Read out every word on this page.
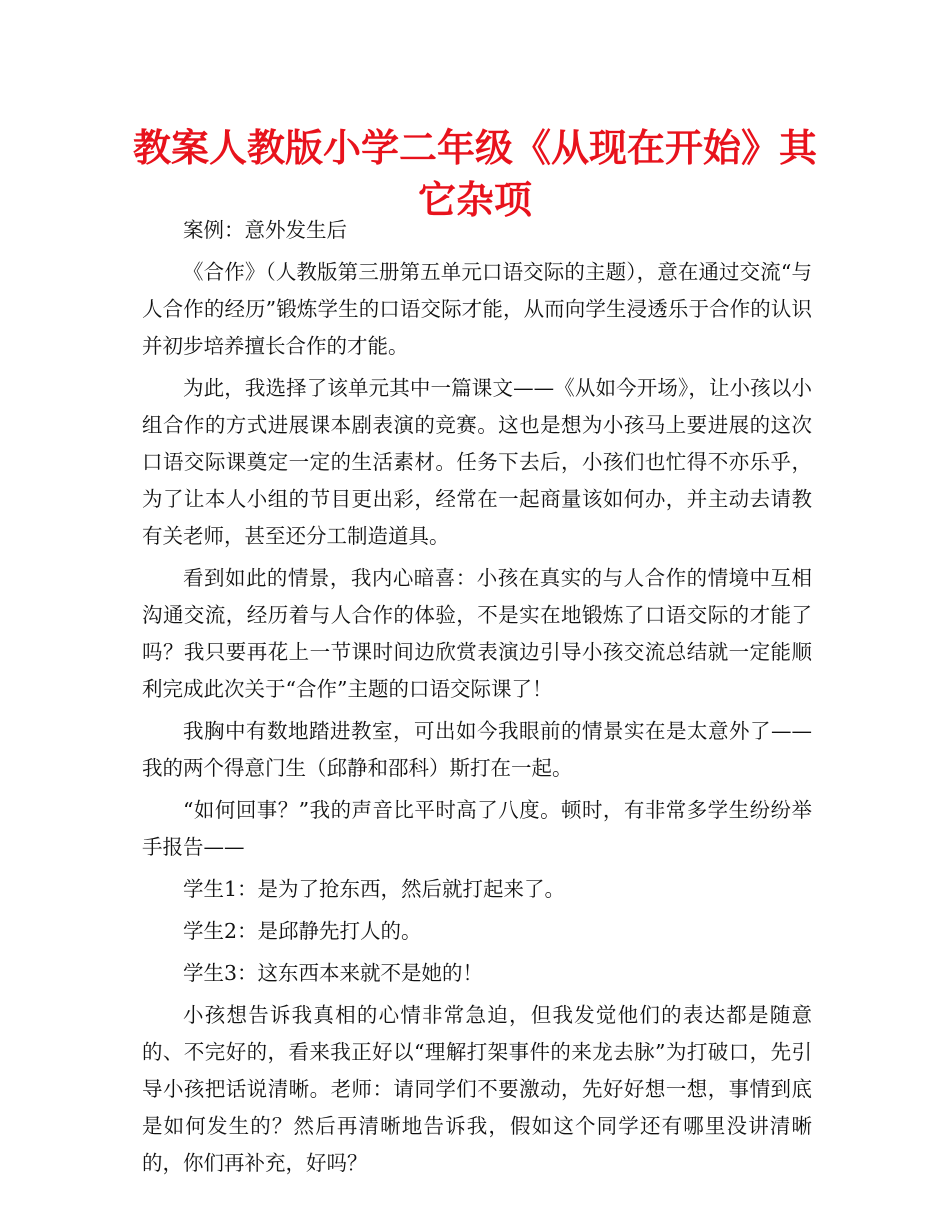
教案人教版小学二年级《从现在开始》其它杂项

案例：意外发生后

《合作》（人教版第三册第五单元口语交际的主题），意在通过交流“与人合作的经历”锻炼学生的口语交际才能，从而向学生浸透乐于合作的认识并初步培养擅长合作的才能。

为此，我选择了该单元其中一篇课文——《从如今开场》，让小孩以小组合作的方式进展课本剧表演的竞赛。这也是想为小孩马上要进展的这次口语交际课奠定一定的生活素材。任务下去后，小孩们也忙得不亦乐乎，为了让本人小组的节目更出彩，经常在一起商量该如何办，并主动去请教有关老师，甚至还分工制造道具。

看到如此的情景，我内心暗喜：小孩在真实的与人合作的情境中互相沟通交流，经历着与人合作的体验，不是实在地锻炼了口语交际的才能了吗？我只要再花上一节课时间边欣赏表演边引导小孩交流总结就一定能顺利完成此次关于“合作”主题的口语交际课了！

我胸中有数地踏进教室，可出如今我眼前的情景实在是太意外了——我的两个得意门生（邱静和邵科）斯打在一起。

“如何回事？”我的声音比平时高了八度。顿时，有非常多学生纷纷举手报告——

学生1：是为了抢东西，然后就打起来了。

学生2：是邱静先打人的。

学生3：这东西本来就不是她的！

小孩想告诉我真相的心情非常急迫，但我发觉他们的表达都是随意的、不完好的，看来我正好以“理解打架事件的来龙去脉”为打破口，先引导小孩把话说清晰。老师：请同学们不要激动，先好好想一想，事情到底是如何发生的？然后再清晰地告诉我，假如这个同学还有哪里没讲清晰的，你们再补充，好吗？
